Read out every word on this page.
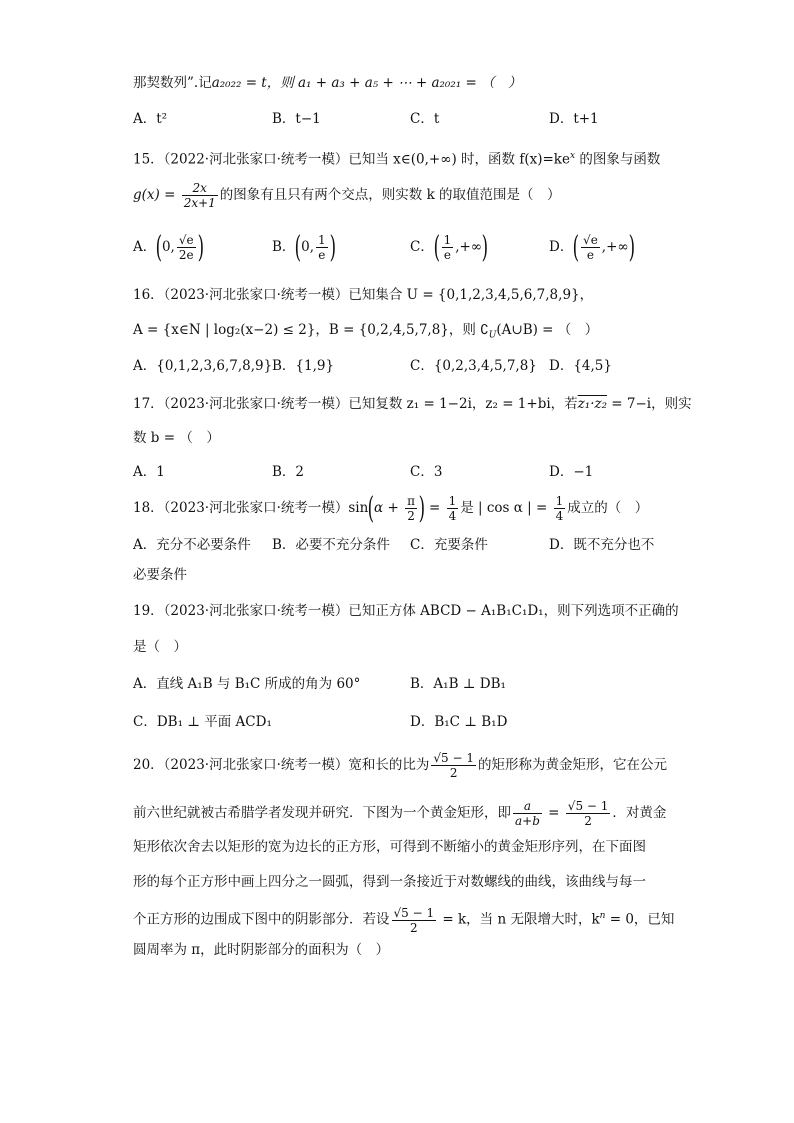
那契数列”.记a₂₀₂₂ = t，则 a₁ + a₃ + a₅ + ⋯ + a₂₀₂₁ = （　）
A．t²	B．t−1	C．t	D．t+1
15．（2022·河北张家口·统考一模）已知当 x∈(0,+∞) 时，函数 $f(x)=ke^x$ 的图象与函数
$g(x) = \frac{2x}{2x+1}$ 的图象有且只有两个交点，则实数 k 的取值范围是（　）
A．(0, $\frac{√e}{2e}$ )	B．(0, $\frac{1}{e}$ )	C．( $\frac{1}{e}$ ,+∞)	D．( $\frac{√e}{e}$ ,+∞)
16．（2023·河北张家口·统考一模）已知集合 U = {0,1,2,3,4,5,6,7,8,9}，
A = {x∈N | log₂(x−2) ≤ 2}，B = {0,2,4,5,7,8}，则 $∁_U(A\cup B)$ = （　）
A．{0,1,2,3,6,7,8,9} B．{1,9}	C．{0,2,3,4,5,7,8} D．{4,5}
17．（2023·河北张家口·统考一模）已知复数 z₁ = 1−2i，z₂ = 1+bi，若z₁·z₂ = 7−i，则实
数 b = （　）
A．1	B．2	C．3	D．−1
18．（2023·河北张家口·统考一模）$\sin(\alpha + \frac{\pi}{2}$ ) = $\frac{1}{4}$ 是 | cos α | = $\frac{1}{4}$ 成立的（　）
A．充分不必要条件 B．必要不充分条件 C．充要条件	D．既不充分也不
必要条件
19．（2023·河北张家口·统考一模）已知正方体 ABCD − A₁B₁C₁D₁，则下列选项不正确的
是（　）
A．直线 A₁B 与 B₁C 所成的角为 60°	B．A₁B ⊥ DB₁
C．DB₁ ⊥ 平面 ACD₁	D．B₁C ⊥ B₁D
20．（2023·河北张家口·统考一模）宽和长的比为 $\frac{√5 - 1}{2}$ 的矩形称为黄金矩形，它在公元
前六世纪就被古希腊学者发现并研究．下图为一个黄金矩形，即 $\frac{a}{a+b} = \frac{√5 - 1}{2}$ ．对黄金
矩形依次舍去以矩形的宽为边长的正方形，可得到不断缩小的黄金矩形序列，在下面图
形的每个正方形中画上四分之一圆弧，得到一条接近于对数螺线的曲线，该曲线与每一
个正方形的边围成下图中的阴影部分．若设 $\frac{√5 - 1}{2} = k$，当 n 无限增大时，$k^n = 0$，已知
圆周率为 π，此时阴影部分的面积为（　）
